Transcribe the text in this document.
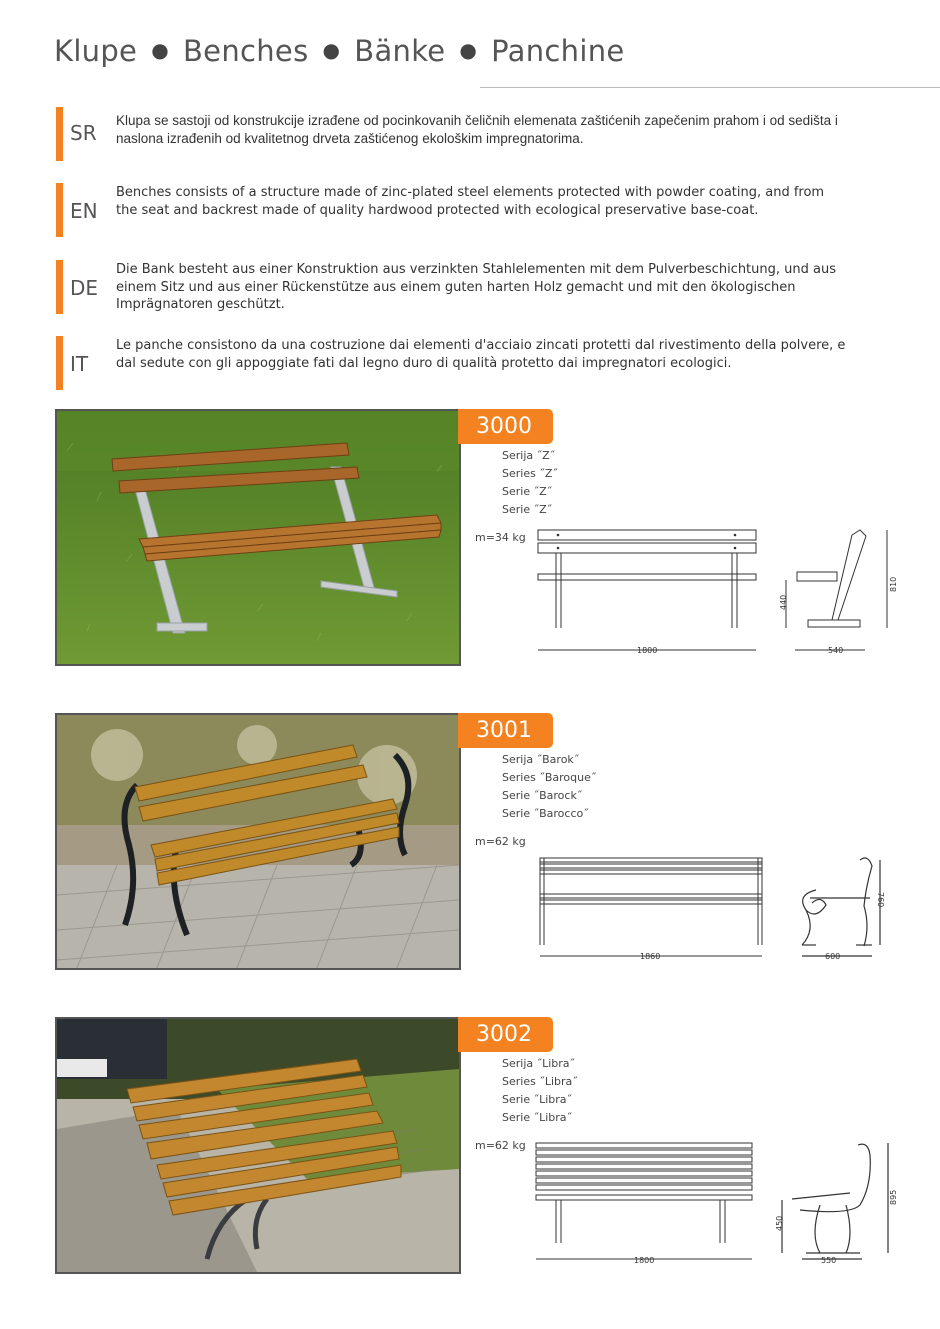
Klupe ● Benches ● Bänke ● Panchine
SR
Klupa se sastoji od konstrukcije izrađene od pocinkovanih čeličnih elemenata zaštićenih zapečenim prahom i od sedišta i naslona izrađenih od kvalitetnog drveta zaštićenog ekološkim impregnatorima.
EN
Benches consists of a structure made of zinc-plated steel elements protected with powder coating, and from the seat and backrest made of quality hardwood protected with ecological preservative base-coat.
DE
Die Bank besteht aus einer Konstruktion aus verzinkten Stahlelementen mit dem Pulverbeschichtung, und aus einem Sitz und aus einer Rückenstütze aus einem guten harten Holz gemacht und mit den ökologischen Imprägnatoren geschützt.
IT
Le panche consistono da una costruzione dai elementi d'acciaio zincati protetti dal rivestimento della polvere, e dal sedute con gli appoggiate fati dal legno duro di qualità protetto dai impregnatori ecologici.
3000
Serija ˝Z˝
Series ˝Z˝
Serie ˝Z˝
Serie ˝Z˝
m=34 kg
1800
440
810
540
3001
Serija ˝Barok˝
Series ˝Baroque˝
Serie ˝Barock˝
Serie ˝Barocco˝
m=62 kg
1860
760
600
3002
Serija ˝Libra˝
Series ˝Libra˝
Serie ˝Libra˝
Serie ˝Libra˝
m=62 kg
1800
450
895
550
